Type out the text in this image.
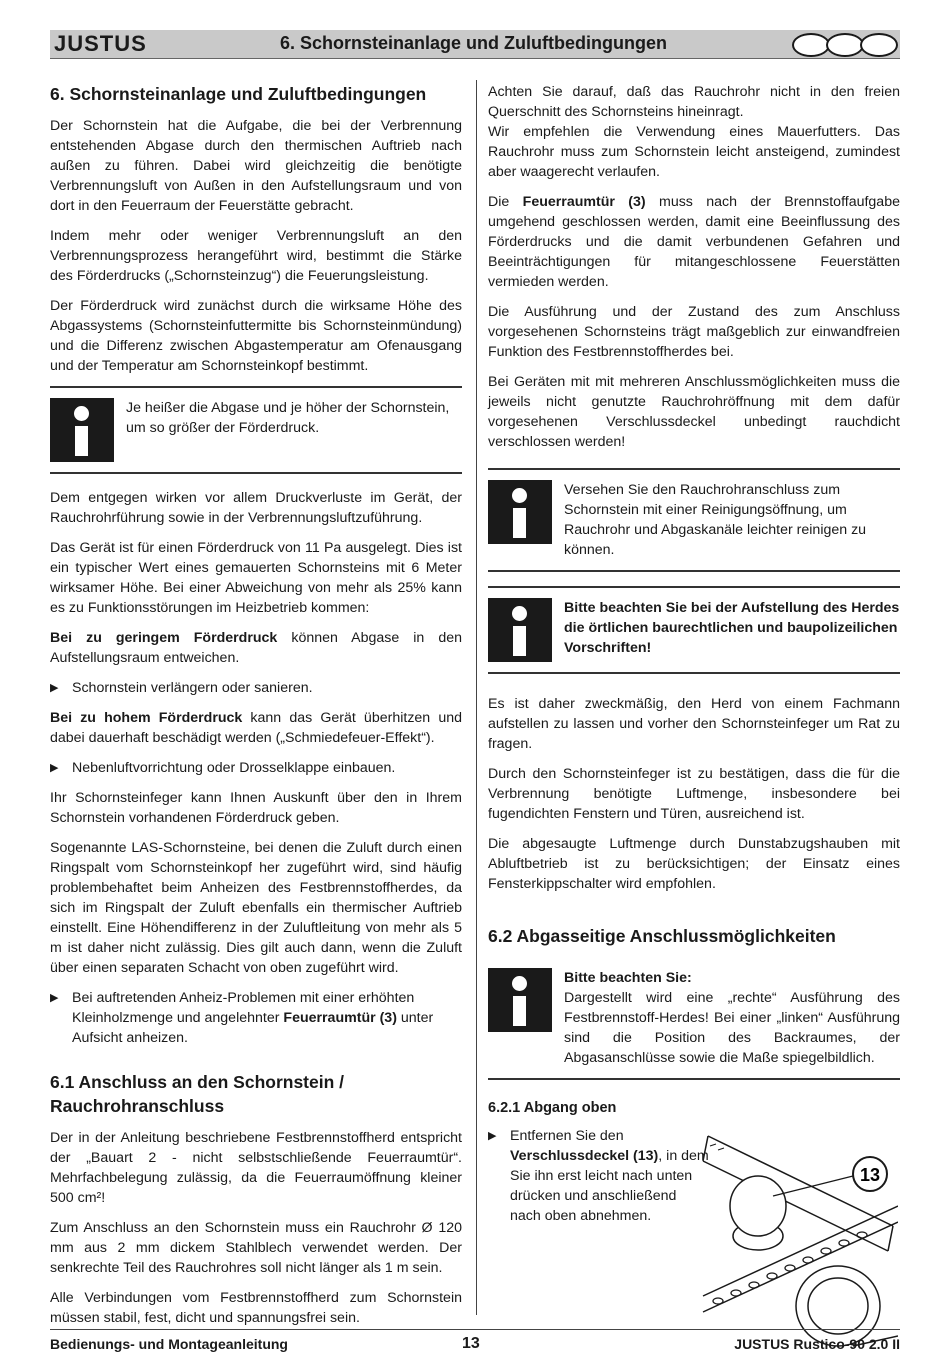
JUSTUS	6. Schornsteinanlage und Zuluftbedingungen
6. Schornsteinanlage und Zuluftbedingungen

Der Schornstein hat die Aufgabe, die bei der Verbrennung entstehenden Abgase durch den thermischen Auftrieb nach außen zu führen. Dabei wird gleichzeitig die benötigte Verbrennungsluft von Außen in den Aufstellungsraum und von dort in den Feuerraum der Feuerstätte gebracht.

Indem mehr oder weniger Verbrennungsluft an den Verbrennungsprozess herangeführt wird, bestimmt die Stärke des Förderdrucks („Schornsteinzug“) die Feuerungsleistung.

Der Förderdruck wird zunächst durch die wirksame Höhe des Abgassystems (Schornsteinfuttermitte bis Schornsteinmündung) und die Differenz zwischen Abgastemperatur am Ofenausgang und der Temperatur am Schornsteinkopf bestimmt.

Je heißer die Abgase und je höher der Schornstein, um so größer der Förderdruck.

Dem entgegen wirken vor allem Druckverluste im Gerät, der Rauchrohrführung sowie in der Verbrennungsluftzuführung.

Das Gerät ist für einen Förderdruck von 11 Pa ausgelegt. Dies ist ein typischer Wert eines gemauerten Schornsteins mit 6 Meter wirksamer Höhe. Bei einer Abweichung von mehr als 25% kann es zu Funktionsstörungen im Heizbetrieb kommen:

Bei zu geringem Förderdruck können Abgase in den Aufstellungsraum entweichen.

▶ Schornstein verlängern oder sanieren.

Bei zu hohem Förderdruck kann das Gerät überhitzen und dabei dauerhaft beschädigt werden („Schmiedefeuer-Effekt“).

▶ Nebenluftvorrichtung oder Drosselklappe einbauen.

Ihr Schornsteinfeger kann Ihnen Auskunft über den in Ihrem Schornstein vorhandenen Förderdruck geben.

Sogenannte LAS-Schornsteine, bei denen die Zuluft durch einen Ringspalt vom Schornsteinkopf her zugeführt wird, sind häufig problembehaftet beim Anheizen des Festbrennstoffherdes, da sich im Ringspalt der Zuluft ebenfalls ein thermischer Auftrieb einstellt. Eine Höhendifferenz in der Zuluftleitung von mehr als 5 m ist daher nicht zulässig. Dies gilt auch dann, wenn die Zuluft über einen separaten Schacht von oben zugeführt wird.

▶ Bei auftretenden Anheiz-Problemen mit einer erhöhten Kleinholzmenge und angelehnter Feuerraumtür (3) unter Aufsicht anheizen.
6.1 Anschluss an den Schornstein / Rauchrohranschluss

Der in der Anleitung beschriebene Festbrennstoffherd entspricht der „Bauart 2 - nicht selbstschließende Feuerraumtür“. Mehrfachbelegung zulässig, da die Feuerraumöffnung kleiner 500 cm²!

Zum Anschluss an den Schornstein muss ein Rauchrohr Ø 120 mm aus 2 mm dickem Stahlblech verwendet werden. Der senkrechte Teil des Rauchrohres soll nicht länger als 1 m sein.

Alle Verbindungen vom Festbrennstoffherd zum Schornstein müssen stabil, fest, dicht und spannungsfrei sein.

Achten Sie darauf, daß das Rauchrohr nicht in den freien Querschnitt des Schornsteins hineinragt.

Wir empfehlen die Verwendung eines Mauerfutters. Das Rauchrohr muss zum Schornstein leicht ansteigend, zumindest aber waagerecht verlaufen.

Die Feuerraumtür (3) muss nach der Brennstoffaufgabe umgehend geschlossen werden, damit eine Beeinflussung des Förderdrucks und die damit verbundenen Gefahren und Beeinträchtigungen für mitangeschlossene Feuerstätten vermieden werden.

Die Ausführung und der Zustand des zum Anschluss vorgesehenen Schornsteins trägt maßgeblich zur einwandfreien Funktion des Festbrennstoffherdes bei.

Bei Geräten mit mit mehreren Anschlussmöglichkeiten muss die jeweils nicht genutzte Rauchrohröffnung mit dem dafür vorgesehenen Verschlussdeckel unbedingt rauchdicht verschlossen werden!

Versehen Sie den Rauchrohranschluss zum Schornstein mit einer Reinigungsöffnung, um Rauchrohr und Abgaskanäle leichter reinigen zu können.
Bitte beachten Sie bei der Aufstellung des Herdes die örtlichen baurechtlichen und baupolizeilichen Vorschriften!

Es ist daher zweckmäßig, den Herd von einem Fachmann aufstellen zu lassen und vorher den Schornsteinfeger um Rat zu fragen.

Durch den Schornsteinfeger ist zu bestätigen, dass die für die Verbrennung benötigte Luftmenge, insbesondere bei fugendichten Fenstern und Türen, ausreichend ist.

Die abgesaugte Luftmenge durch Dunstabzugshauben mit Abluftbetrieb ist zu berücksichtigen; der Einsatz eines Fensterkippschalter wird empfohlen.

6.2 Abgasseitige Anschlussmöglichkeiten
Bitte beachten Sie:
Dargestellt wird eine „rechte“ Ausführung des Festbrennstoff-Herdes! Bei einer „linken“ Ausführung sind die Position des Backraumes, der Abgasanschlüsse sowie die Maße spiegelbildlich.
6.2.1 Abgang oben
▶ Entfernen Sie den Verschlussdeckel (13), in dem Sie ihn erst leicht nach unten drücken und anschließend nach oben abnehmen.
13
Bedienungs- und Montageanleitung	13	JUSTUS Rustico-90 2.0 II
